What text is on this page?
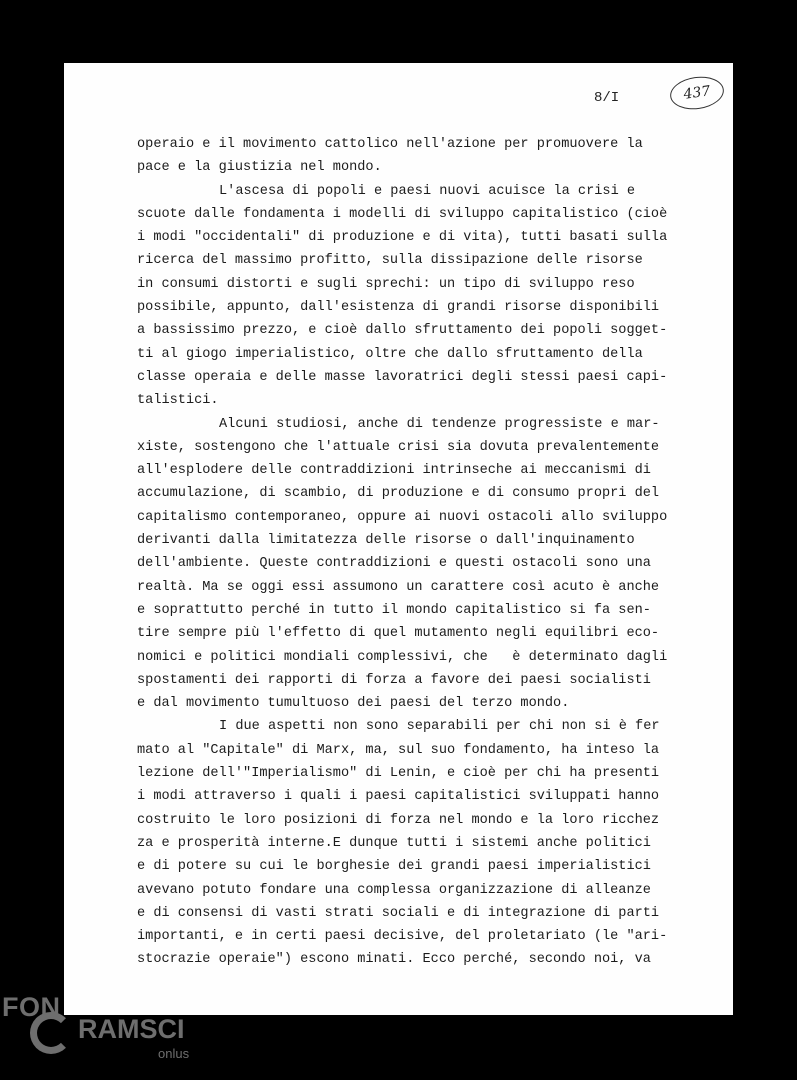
8/I	437
operaio e il movimento cattolico nell'azione per promuovere la
pace e la giustizia nel mondo.
L'ascesa di popoli e paesi nuovi acuisce la crisi e
scuote dalle fondamenta i modelli di sviluppo capitalistico (cioè
i modi "occidentali" di produzione e di vita), tutti basati sulla
ricerca del massimo profitto, sulla dissipazione delle risorse
in consumi distorti e sugli sprechi: un tipo di sviluppo reso
possibile, appunto, dall'esistenza di grandi risorse disponibili
a bassissimo prezzo, e cioè dallo sfruttamento dei popoli sogget-
ti al giogo imperialistico, oltre che dallo sfruttamento della
classe operaia e delle masse lavoratrici degli stessi paesi capi-
talistici.
Alcuni studiosi, anche di tendenze progressiste e mar-
xiste, sostengono che l'attuale crisi sia dovuta prevalentemente
all'esplodere delle contraddizioni intrinseche ai meccanismi di
accumulazione, di scambio, di produzione e di consumo propri del
capitalismo contemporaneo, oppure ai nuovi ostacoli allo sviluppo
derivanti dalla limitatezza delle risorse o dall'inquinamento
dell'ambiente. Queste contraddizioni e questi ostacoli sono una
realtà. Ma se oggi essi assumono un carattere così acuto è anche
e soprattutto perché in tutto il mondo capitalistico si fa sen-
tire sempre più l'effetto di quel mutamento negli equilibri eco-
nomici e politici mondiali complessivi, che   è determinato dagli
spostamenti dei rapporti di forza a favore dei paesi socialisti
e dal movimento tumultuoso dei paesi del terzo mondo.
I due aspetti non sono separabili per chi non si è fer
mato al "Capitale" di Marx, ma, sul suo fondamento, ha inteso la
lezione dell'"Imperialismo" di Lenin, e cioè per chi ha presenti
i modi attraverso i quali i paesi capitalistici sviluppati hanno
costruito le loro posizioni di forza nel mondo e la loro ricchez
za e prosperità interne.E dunque tutti i sistemi anche politici
e di potere su cui le borghesie dei grandi paesi imperialistici
avevano potuto fondare una complessa organizzazione di alleanze
e di consensi di vasti strati sociali e di integrazione di parti
importanti, e in certi paesi decisive, del proletariato (le "ari-
stocrazie operaie") escono minati. Ecco perché, secondo noi, va
FON
RAMSCI
onlus
